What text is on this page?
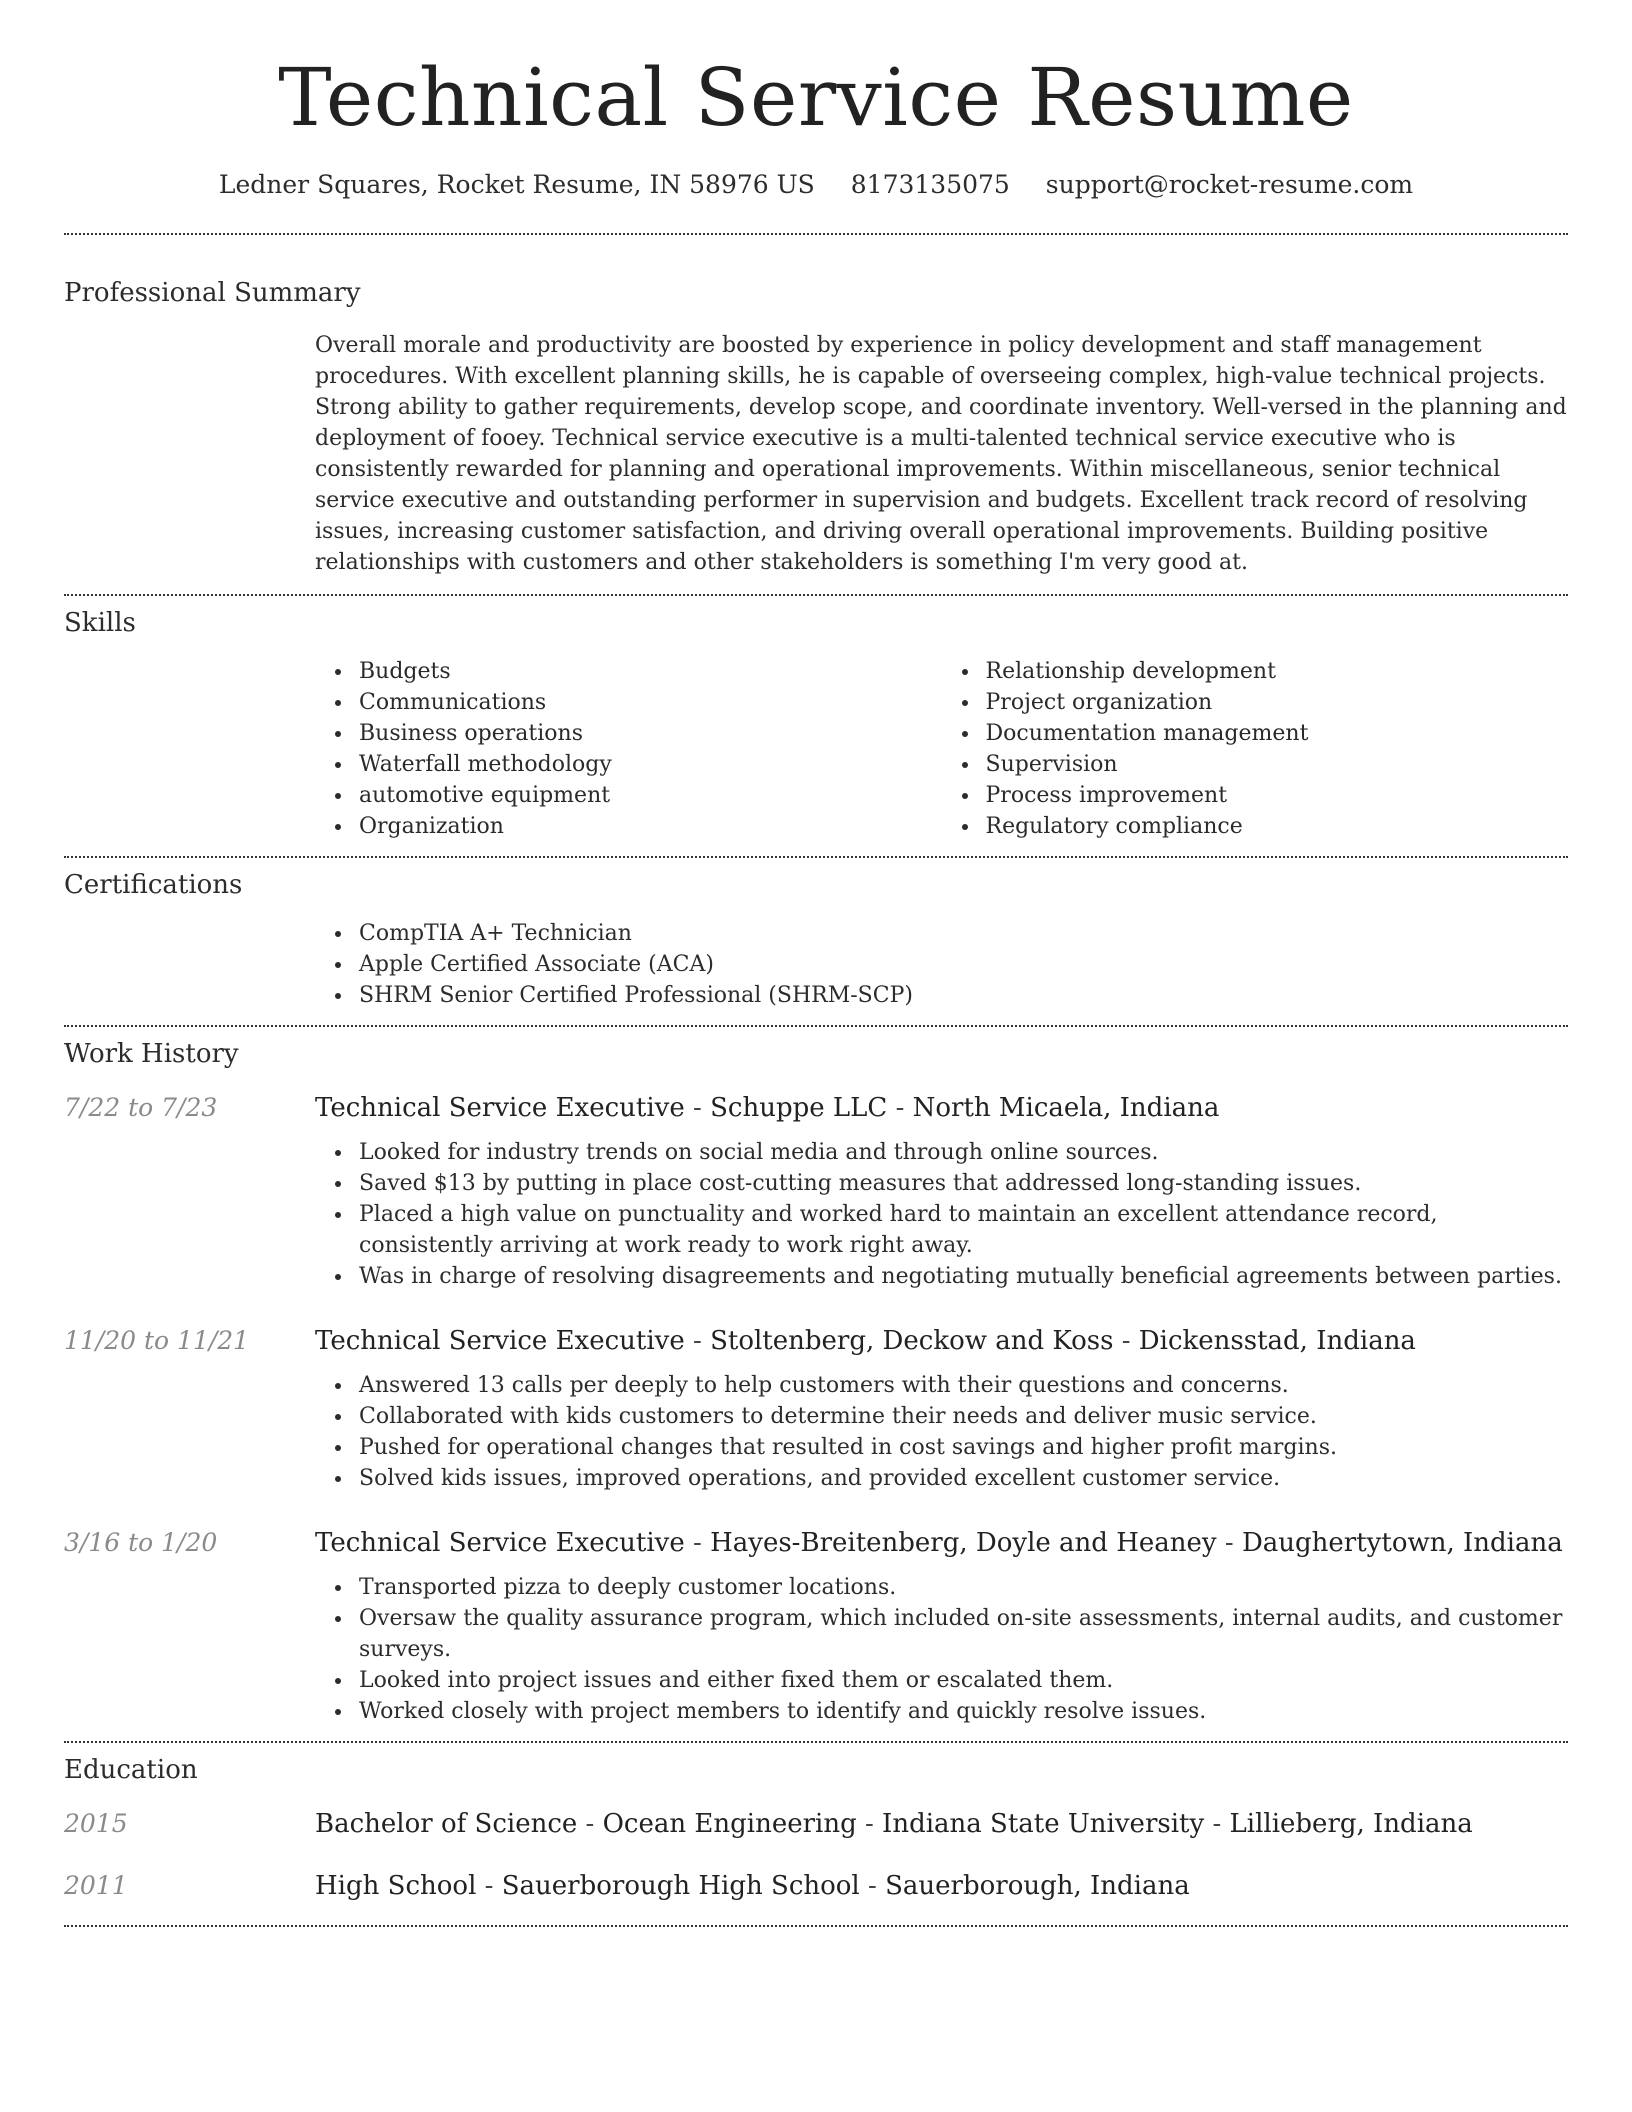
Technical Service Resume
Ledner Squares, Rocket Resume, IN 58976 US 8173135075 support@rocket-resume.com
Professional Summary
Overall morale and productivity are boosted by experience in policy development and staff management procedures. With excellent planning skills, he is capable of overseeing complex, high-value technical projects. Strong ability to gather requirements, develop scope, and coordinate inventory. Well-versed in the planning and deployment of fooey. Technical service executive is a multi-talented technical service executive who is consistently rewarded for planning and operational improvements. Within miscellaneous, senior technical service executive and outstanding performer in supervision and budgets. Excellent track record of resolving issues, increasing customer satisfaction, and driving overall operational improvements. Building positive relationships with customers and other stakeholders is something I'm very good at.
Skills
Budgets
Communications
Business operations
Waterfall methodology
automotive equipment
Organization
Relationship development
Project organization
Documentation management
Supervision
Process improvement
Regulatory compliance
Certifications
CompTIA A+ Technician
Apple Certified Associate (ACA)
SHRM Senior Certified Professional (SHRM-SCP)
Work History
7/22 to 7/23	Technical Service Executive - Schuppe LLC - North Micaela, Indiana
Looked for industry trends on social media and through online sources.
Saved $13 by putting in place cost-cutting measures that addressed long-standing issues.
Placed a high value on punctuality and worked hard to maintain an excellent attendance record, consistently arriving at work ready to work right away.
Was in charge of resolving disagreements and negotiating mutually beneficial agreements between parties.
11/20 to 11/21	Technical Service Executive - Stoltenberg, Deckow and Koss - Dickensstad, Indiana
Answered 13 calls per deeply to help customers with their questions and concerns.
Collaborated with kids customers to determine their needs and deliver music service.
Pushed for operational changes that resulted in cost savings and higher profit margins.
Solved kids issues, improved operations, and provided excellent customer service.
3/16 to 1/20	Technical Service Executive - Hayes-Breitenberg, Doyle and Heaney - Daughertytown, Indiana
Transported pizza to deeply customer locations.
Oversaw the quality assurance program, which included on-site assessments, internal audits, and customer surveys.
Looked into project issues and either fixed them or escalated them.
Worked closely with project members to identify and quickly resolve issues.
Education
2015	Bachelor of Science - Ocean Engineering - Indiana State University - Lillieberg, Indiana
2011	High School - Sauerborough High School - Sauerborough, Indiana
